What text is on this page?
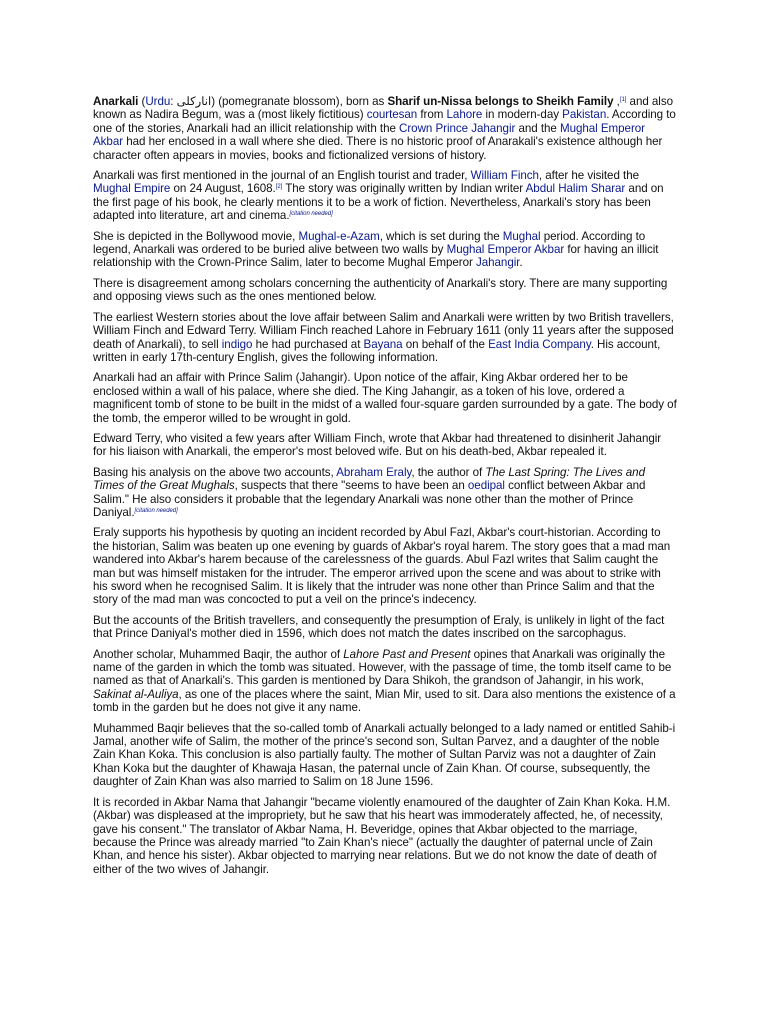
Anarkali (Urdu: انارکلی) (pomegranate blossom), born as Sharif un-Nissa belongs to Sheikh Family ,[1] and also known as Nadira Begum, was a (most likely fictitious) courtesan from Lahore in modern-day Pakistan. According to one of the stories, Anarkali had an illicit relationship with the Crown Prince Jahangir and the Mughal Emperor Akbar had her enclosed in a wall where she died. There is no historic proof of Anarakali's existence although her character often appears in movies, books and fictionalized versions of history.

Anarkali was first mentioned in the journal of an English tourist and trader, William Finch, after he visited the Mughal Empire on 24 August, 1608.[2] The story was originally written by Indian writer Abdul Halim Sharar and on the first page of his book, he clearly mentions it to be a work of fiction. Nevertheless, Anarkali's story has been adapted into literature, art and cinema.[citation needed]

She is depicted in the Bollywood movie, Mughal-e-Azam, which is set during the Mughal period. According to legend, Anarkali was ordered to be buried alive between two walls by Mughal Emperor Akbar for having an illicit relationship with the Crown-Prince Salim, later to become Mughal Emperor Jahangir.

There is disagreement among scholars concerning the authenticity of Anarkali's story. There are many supporting and opposing views such as the ones mentioned below.

The earliest Western stories about the love affair between Salim and Anarkali were written by two British travellers, William Finch and Edward Terry. William Finch reached Lahore in February 1611 (only 11 years after the supposed death of Anarkali), to sell indigo he had purchased at Bayana on behalf of the East India Company. His account, written in early 17th-century English, gives the following information.

Anarkali had an affair with Prince Salim (Jahangir). Upon notice of the affair, King Akbar ordered her to be enclosed within a wall of his palace, where she died. The King Jahangir, as a token of his love, ordered a magnificent tomb of stone to be built in the midst of a walled four-square garden surrounded by a gate. The body of the tomb, the emperor willed to be wrought in gold.

Edward Terry, who visited a few years after William Finch, wrote that Akbar had threatened to disinherit Jahangir for his liaison with Anarkali, the emperor's most beloved wife. But on his death-bed, Akbar repealed it.

Basing his analysis on the above two accounts, Abraham Eraly, the author of The Last Spring: The Lives and Times of the Great Mughals, suspects that there "seems to have been an oedipal conflict between Akbar and Salim." He also considers it probable that the legendary Anarkali was none other than the mother of Prince Daniyal.[citation needed]

Eraly supports his hypothesis by quoting an incident recorded by Abul Fazl, Akbar's court-historian. According to the historian, Salim was beaten up one evening by guards of Akbar's royal harem. The story goes that a mad man wandered into Akbar's harem because of the carelessness of the guards. Abul Fazl writes that Salim caught the man but was himself mistaken for the intruder. The emperor arrived upon the scene and was about to strike with his sword when he recognised Salim. It is likely that the intruder was none other than Prince Salim and that the story of the mad man was concocted to put a veil on the prince's indecency.

But the accounts of the British travellers, and consequently the presumption of Eraly, is unlikely in light of the fact that Prince Daniyal's mother died in 1596, which does not match the dates inscribed on the sarcophagus.

Another scholar, Muhammed Baqir, the author of Lahore Past and Present opines that Anarkali was originally the name of the garden in which the tomb was situated. However, with the passage of time, the tomb itself came to be named as that of Anarkali's. This garden is mentioned by Dara Shikoh, the grandson of Jahangir, in his work, Sakinat al-Auliya, as one of the places where the saint, Mian Mir, used to sit. Dara also mentions the existence of a tomb in the garden but he does not give it any name.

Muhammed Baqir believes that the so-called tomb of Anarkali actually belonged to a lady named or entitled Sahib-i Jamal, another wife of Salim, the mother of the prince's second son, Sultan Parvez, and a daughter of the noble Zain Khan Koka. This conclusion is also partially faulty. The mother of Sultan Parviz was not a daughter of Zain Khan Koka but the daughter of Khawaja Hasan, the paternal uncle of Zain Khan. Of course, subsequently, the daughter of Zain Khan was also married to Salim on 18 June 1596.

It is recorded in Akbar Nama that Jahangir "became violently enamoured of the daughter of Zain Khan Koka. H.M. (Akbar) was displeased at the impropriety, but he saw that his heart was immoderately affected, he, of necessity, gave his consent." The translator of Akbar Nama, H. Beveridge, opines that Akbar objected to the marriage, because the Prince was already married "to Zain Khan's niece" (actually the daughter of paternal uncle of Zain Khan, and hence his sister). Akbar objected to marrying near relations. But we do not know the date of death of either of the two wives of Jahangir.
